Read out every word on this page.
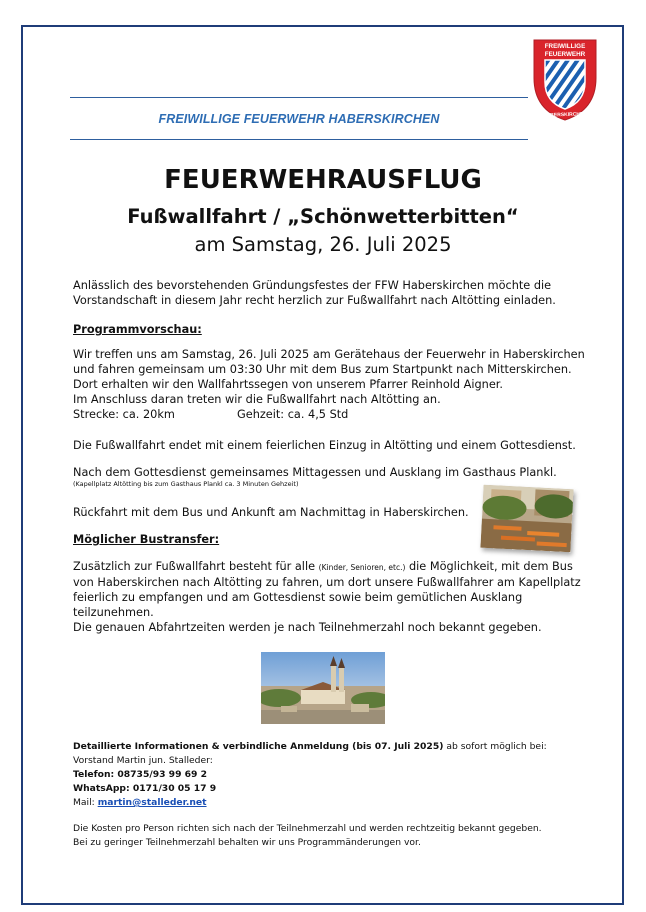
FREIWILLIGE
FEUERWEHR
HABERSKIRCHEN
FREIWILLIGE FEUERWEHR HABERSKIRCHEN
FEUERWEHRAUSFLUG
Fußwallfahrt / „Schönwetterbitten“
am Samstag, 26. Juli 2025
Anlässlich des bevorstehenden Gründungsfestes der FFW Haberskirchen möchte die
Vorstandschaft in diesem Jahr recht herzlich zur Fußwallfahrt nach Altötting einladen.
Programmvorschau:
Wir treffen uns am Samstag, 26. Juli 2025 am Gerätehaus der Feuerwehr in Haberskirchen
und fahren gemeinsam um 03:30 Uhr mit dem Bus zum Startpunkt nach Mitterskirchen.
Dort erhalten wir den Wallfahrtssegen von unserem Pfarrer Reinhold Aigner.
Im Anschluss daran treten wir die Fußwallfahrt nach Altötting an.
Strecke: ca. 20km	Gehzeit: ca. 4,5 Std
Die Fußwallfahrt endet mit einem feierlichen Einzug in Altötting und einem Gottesdienst.
Nach dem Gottesdienst gemeinsames Mittagessen und Ausklang im Gasthaus Plankl.
(Kapellplatz Altötting bis zum Gasthaus Plankl ca. 3 Minuten Gehzeit)
Rückfahrt mit dem Bus und Ankunft am Nachmittag in Haberskirchen.
Möglicher Bustransfer:
Zusätzlich zur Fußwallfahrt besteht für alle (Kinder, Senioren, etc.) die Möglichkeit, mit dem Bus
von Haberskirchen nach Altötting zu fahren, um dort unsere Fußwallfahrer am Kapellplatz
feierlich zu empfangen und am Gottesdienst sowie beim gemütlichen Ausklang
teilzunehmen.
Die genauen Abfahrtzeiten werden je nach Teilnehmerzahl noch bekannt gegeben.
Detaillierte Informationen & verbindliche Anmeldung (bis 07. Juli 2025) ab sofort möglich bei:
Vorstand Martin jun. Stalleder:
Telefon: 08735/93 99 69 2
WhatsApp: 0171/30 05 17 9
Mail: martin@stalleder.net
Die Kosten pro Person richten sich nach der Teilnehmerzahl und werden rechtzeitig bekannt gegeben.
Bei zu geringer Teilnehmerzahl behalten wir uns Programmänderungen vor.
